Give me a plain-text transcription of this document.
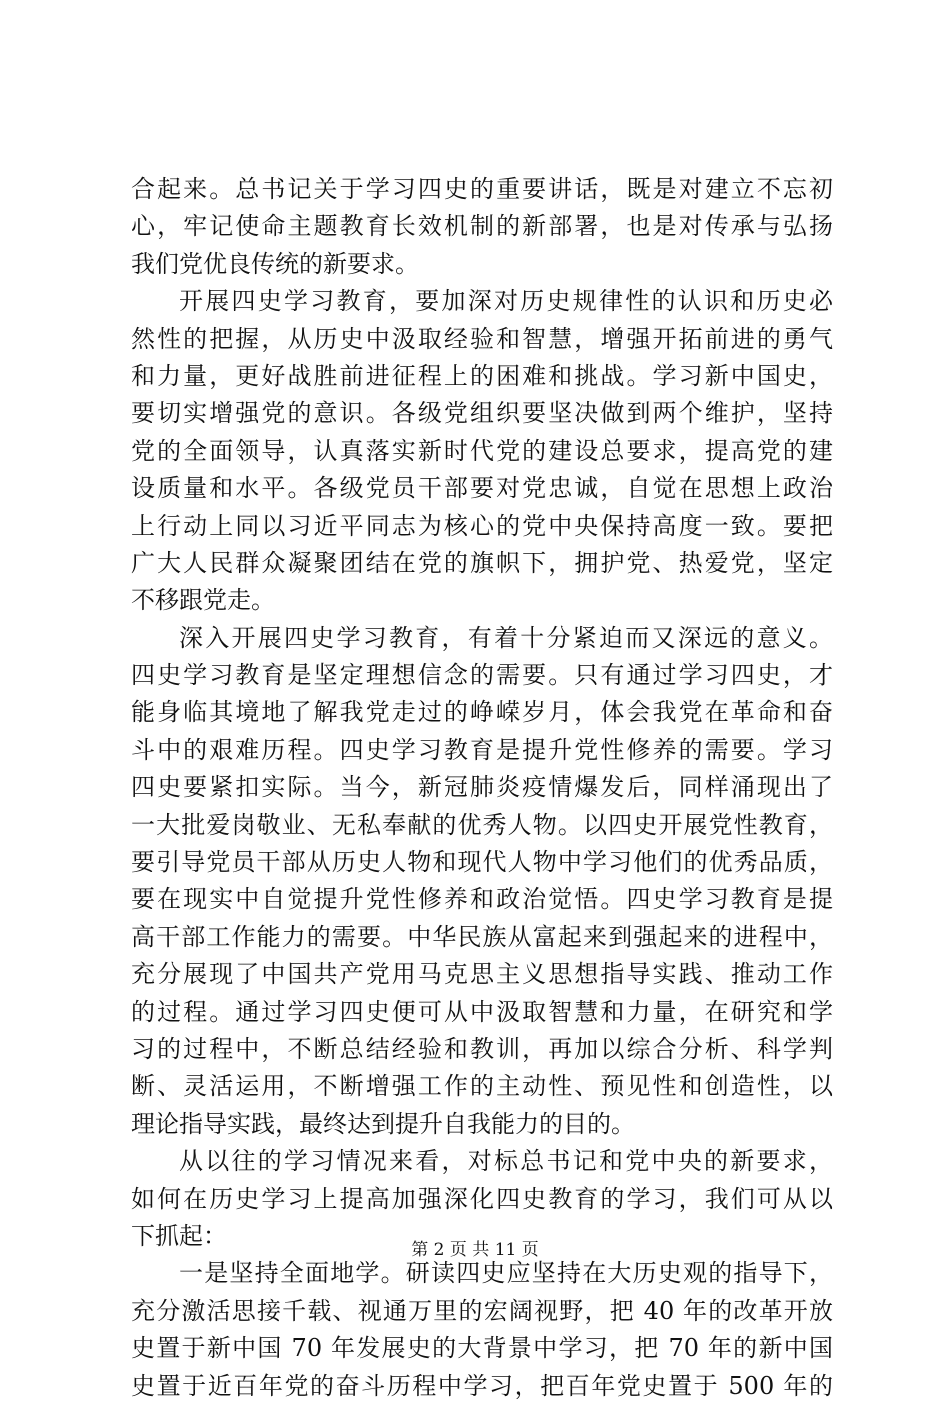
合起来。总书记关于学习四史的重要讲话，既是对建立不忘初
心，牢记使命主题教育长效机制的新部署，也是对传承与弘扬
我们党优良传统的新要求。
开展四史学习教育，要加深对历史规律性的认识和历史必
然性的把握，从历史中汲取经验和智慧，增强开拓前进的勇气
和力量，更好战胜前进征程上的困难和挑战。学习新中国史，
要切实增强党的意识。各级党组织要坚决做到两个维护，坚持
党的全面领导，认真落实新时代党的建设总要求，提高党的建
设质量和水平。各级党员干部要对党忠诚，自觉在思想上政治
上行动上同以习近平同志为核心的党中央保持高度一致。要把
广大人民群众凝聚团结在党的旗帜下，拥护党、热爱党，坚定
不移跟党走。
深入开展四史学习教育，有着十分紧迫而又深远的意义。
四史学习教育是坚定理想信念的需要。只有通过学习四史，才
能身临其境地了解我党走过的峥嵘岁月，体会我党在革命和奋
斗中的艰难历程。四史学习教育是提升党性修养的需要。学习
四史要紧扣实际。当今，新冠肺炎疫情爆发后，同样涌现出了
一大批爱岗敬业、无私奉献的优秀人物。以四史开展党性教育，
要引导党员干部从历史人物和现代人物中学习他们的优秀品质，
要在现实中自觉提升党性修养和政治觉悟。四史学习教育是提
高干部工作能力的需要。中华民族从富起来到强起来的进程中，
充分展现了中国共产党用马克思主义思想指导实践、推动工作
的过程。通过学习四史便可从中汲取智慧和力量，在研究和学
习的过程中，不断总结经验和教训，再加以综合分析、科学判
断、灵活运用，不断增强工作的主动性、预见性和创造性，以
理论指导实践，最终达到提升自我能力的目的。
从以往的学习情况来看，对标总书记和党中央的新要求，
如何在历史学习上提高加强深化四史教育的学习，我们可从以
下抓起：
一是坚持全面地学。研读四史应坚持在大历史观的指导下，
充分激活思接千载、视通万里的宏阔视野，把 40 年的改革开放
史置于新中国 70 年发展史的大背景中学习，把 70 年的新中国
史置于近百年党的奋斗历程中学习，把百年党史置于 500 年的
第 2 页 共 11 页
